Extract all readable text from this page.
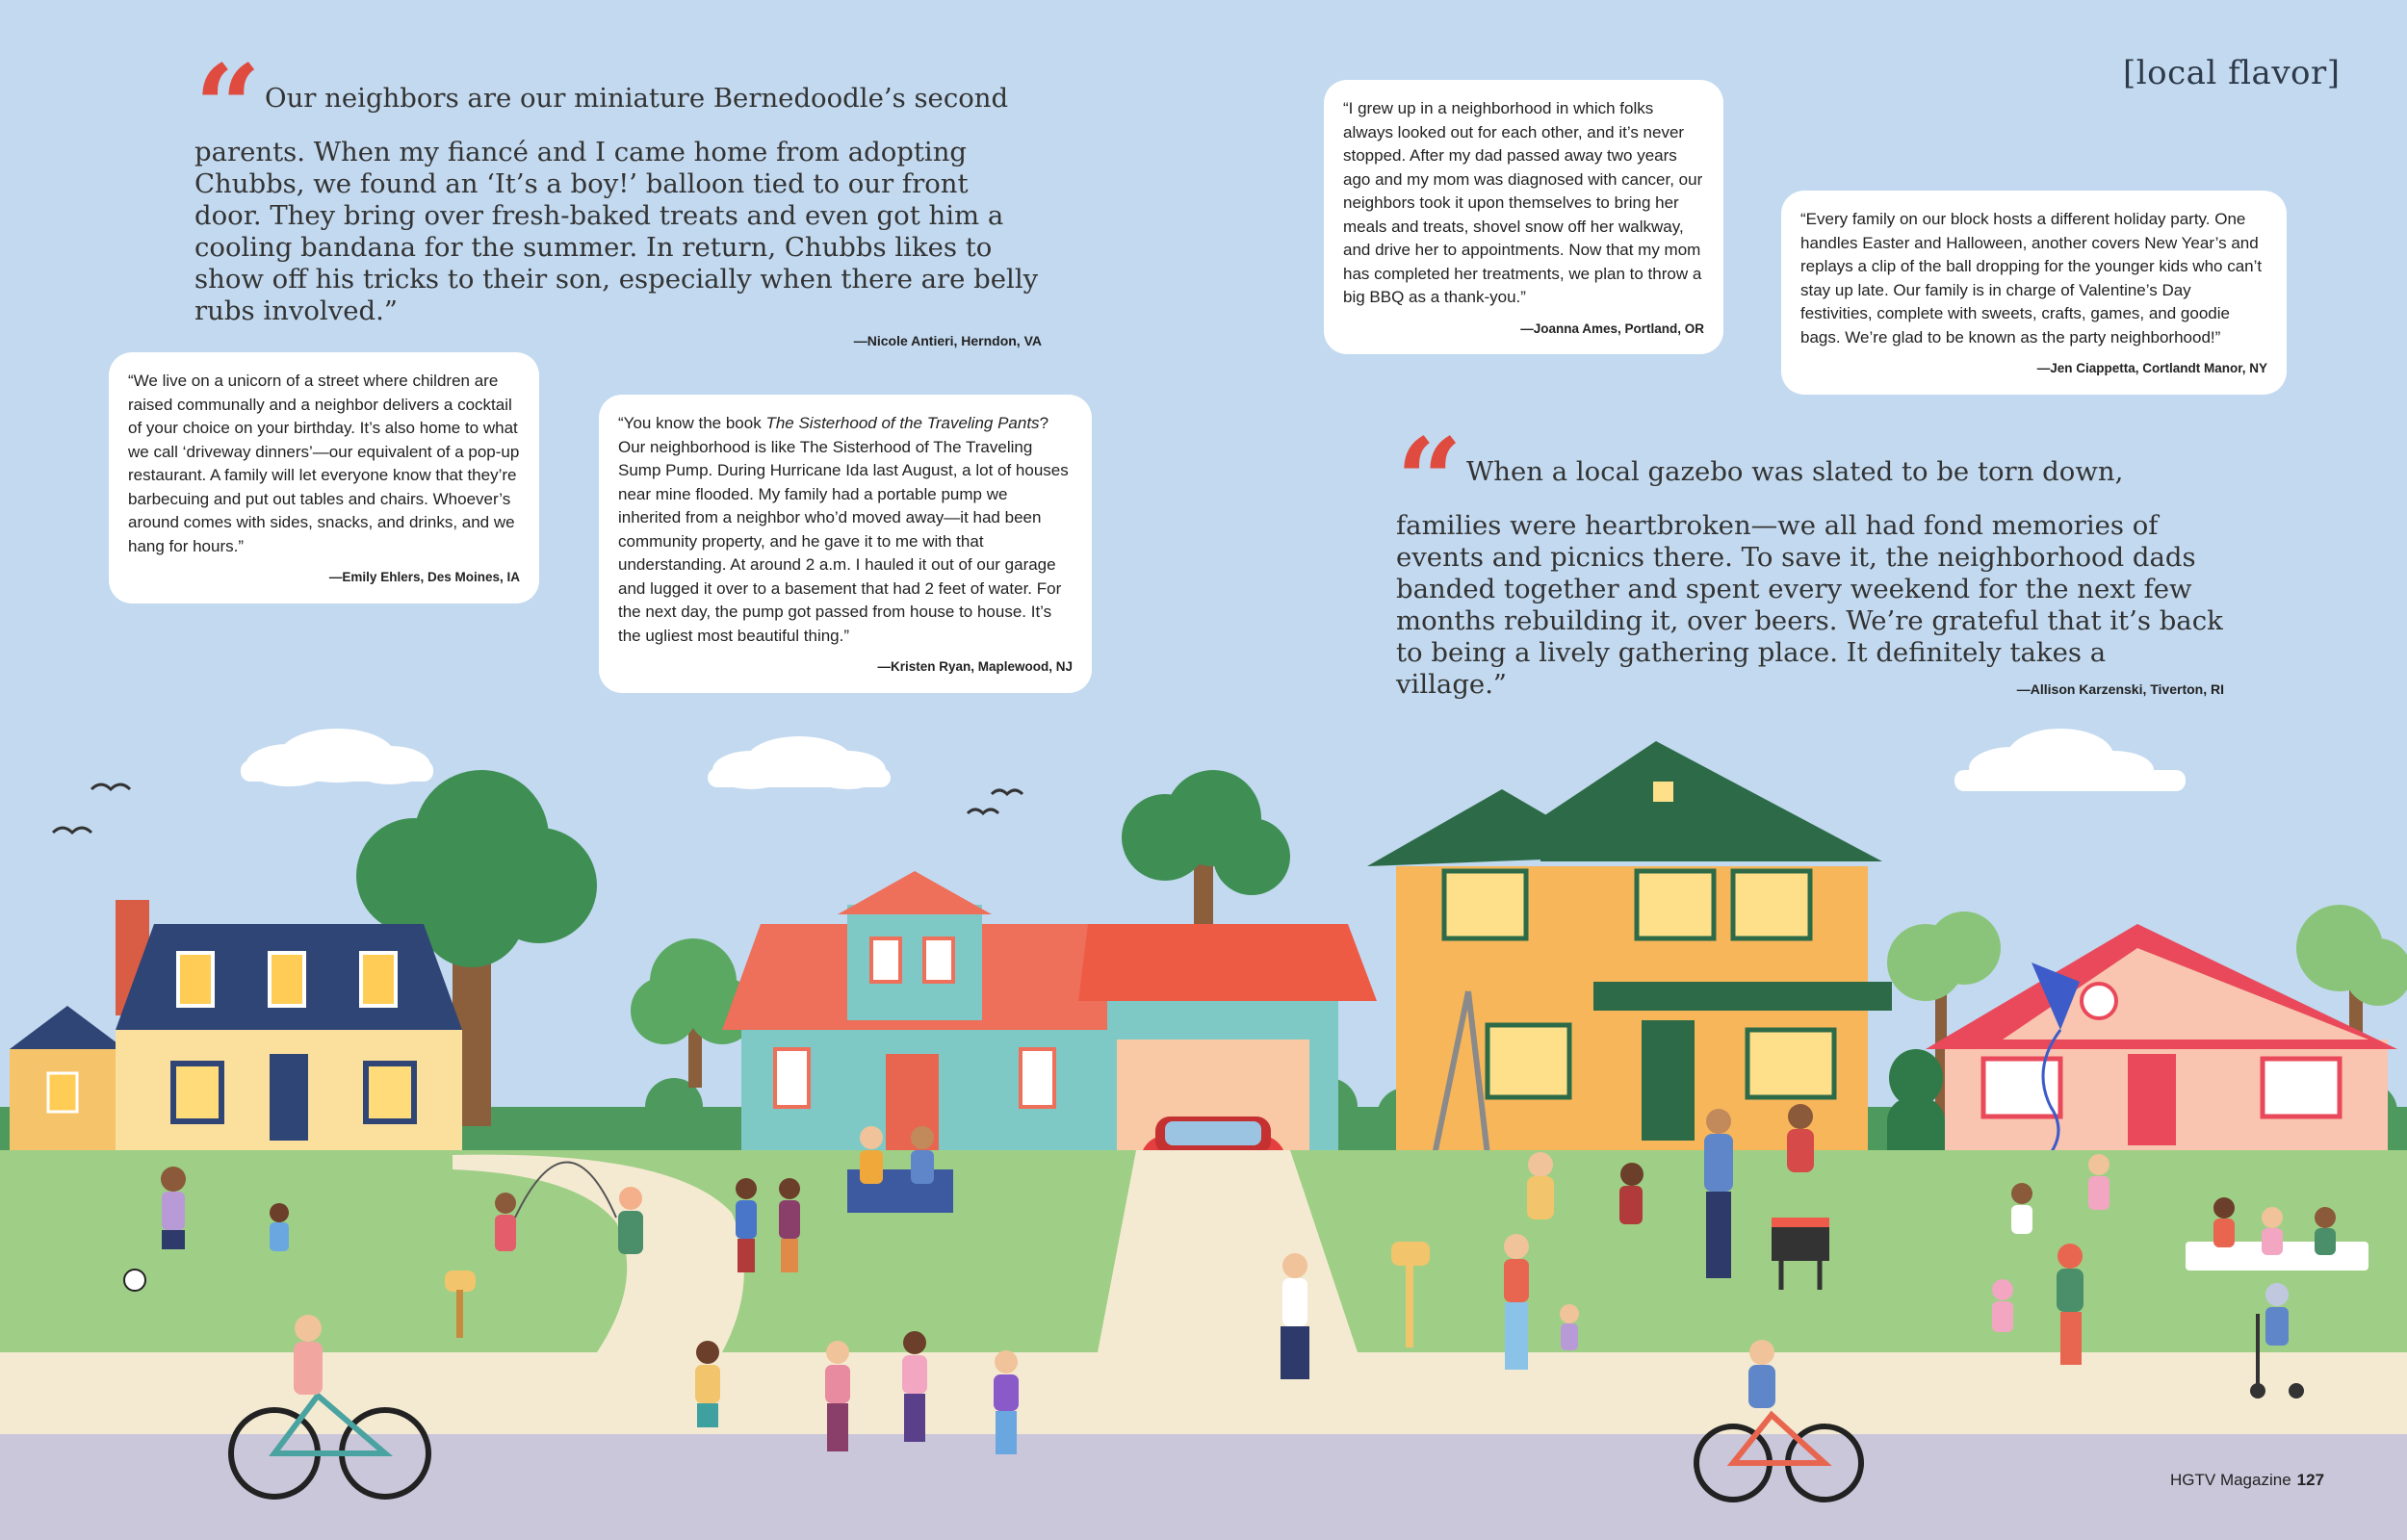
[local flavor]
“ Our neighbors are our miniature Bernedoodle’s second parents. When my fiancé and I came home from adopting Chubbs, we found an ‘It’s a boy!’ balloon tied to our front door. They bring over fresh-baked treats and even got him a cooling bandana for the summer. In return, Chubbs likes to show off his tricks to their son, especially when there are belly rubs involved.”
—Nicole Antieri, Herndon, VA
“I grew up in a neighborhood in which folks always looked out for each other, and it’s never stopped. After my dad passed away two years ago and my mom was diagnosed with cancer, our neighbors took it upon themselves to bring her meals and treats, shovel snow off her walkway, and drive her to appointments. Now that my mom has completed her treatments, we plan to throw a big BBQ as a thank-you.”
—Joanna Ames, Portland, OR
“Every family on our block hosts a different holiday party. One handles Easter and Halloween, another covers New Year’s and replays a clip of the ball dropping for the younger kids who can’t stay up late. Our family is in charge of Valentine’s Day festivities, complete with sweets, crafts, games, and goodie bags. We’re glad to be known as the party neighborhood!”
—Jen Ciappetta, Cortlandt Manor, NY
“We live on a unicorn of a street where children are raised communally and a neighbor delivers a cocktail of your choice on your birthday. It’s also home to what we call ‘driveway dinners’—our equivalent of a pop-up restaurant. A family will let everyone know that they’re barbecuing and put out tables and chairs. Whoever’s around comes with sides, snacks, and drinks, and we hang for hours.”
—Emily Ehlers, Des Moines, IA
“You know the book The Sisterhood of the Traveling Pants? Our neighborhood is like The Sisterhood of The Traveling Sump Pump. During Hurricane Ida last August, a lot of houses near mine flooded. My family had a portable pump we inherited from a neighbor who’d moved away—it had been community property, and he gave it to me with that understanding. At around 2 a.m. I hauled it out of our garage and lugged it over to a basement that had 2 feet of water. For the next day, the pump got passed from house to house. It’s the ugliest most beautiful thing.”
—Kristen Ryan, Maplewood, NJ
“ When a local gazebo was slated to be torn down, families were heartbroken—we all had fond memories of events and picnics there. To save it, the neighborhood dads banded together and spent every weekend for the next few months rebuilding it, over beers. We’re grateful that it’s back to being a lively gathering place. It definitely takes a village.”	—Allison Karzenski, Tiverton, RI
HGTV Magazine 127
